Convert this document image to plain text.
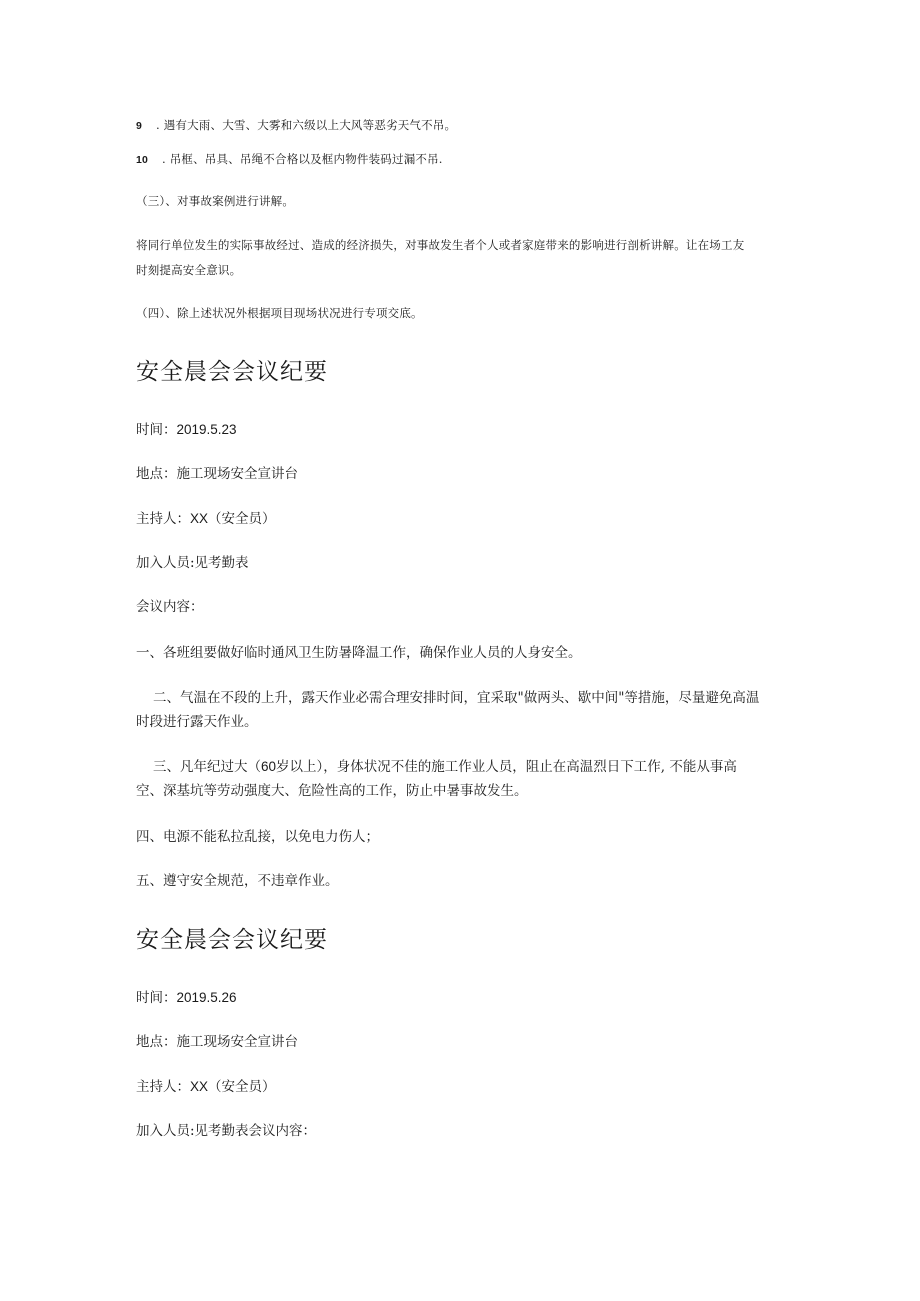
9 . 遇有大雨、大雪、大雾和六级以上大风等恶劣天气不吊。
10 . 吊框、吊具、吊绳不合格以及框内物件装码过漏不吊.
（三）、对事故案例进行讲解。
将同行单位发生的实际事故经过、造成的经济损失，对事故发生者个人或者家庭带来的影响进行剖析讲解。让在场工友
时刻提高安全意识。
（四）、除上述状况外根据项目现场状况进行专项交底。
安全晨会会议纪要
时间：2019.5.23
地点：施工现场安全宣讲台
主持人：XX（安全员）
加入人员:见考勤表
会议内容：
一、各班组要做好临时通风卫生防暑降温工作，确保作业人员的人身安全。
二、气温在不段的上升，露天作业必需合理安排时间，宜采取"做两头、歇中间"等措施，尽量避免高温
时段进行露天作业。
三、凡年纪过大（60岁以上），身体状况不佳的施工作业人员，阻止在高温烈日下工作, 不能从事高
空、深基坑等劳动强度大、危险性高的工作，防止中暑事故发生。
四、电源不能私拉乱接，以免电力伤人；
五、遵守安全规范，不违章作业。
安全晨会会议纪要
时间：2019.5.26
地点：施工现场安全宣讲台
主持人：XX（安全员）
加入人员:见考勤表会议内容：
